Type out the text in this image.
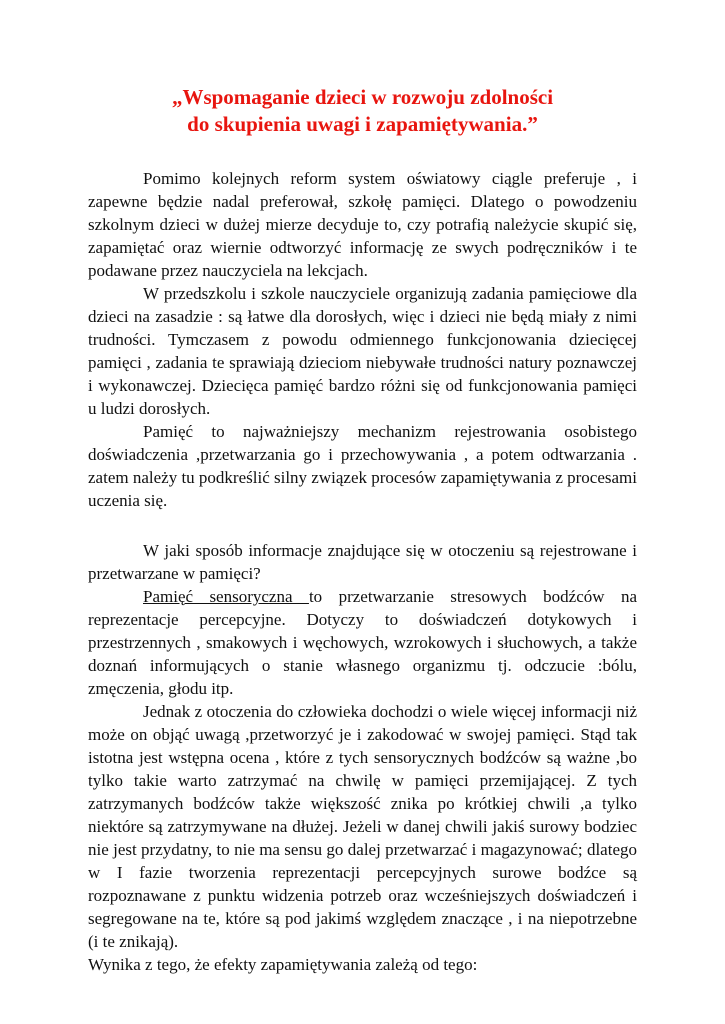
„Wspomaganie dzieci w rozwoju zdolności
do skupienia uwagi i zapamiętywania.”

Pomimo kolejnych reform system oświatowy ciągle preferuje , i zapewne będzie nadal preferował, szkołę pamięci. Dlatego o powodzeniu szkolnym dzieci w dużej mierze decyduje to, czy potrafią należycie skupić się, zapamiętać oraz wiernie odtworzyć informację ze swych podręczników i te podawane przez nauczyciela na lekcjach.

W przedszkolu i szkole nauczyciele organizują zadania pamięciowe dla dzieci na zasadzie : są łatwe dla dorosłych, więc i dzieci nie będą miały z nimi trudności. Tymczasem z powodu odmiennego funkcjonowania dziecięcej pamięci , zadania te sprawiają dzieciom niebywałe trudności natury poznawczej i wykonawczej. Dziecięca pamięć bardzo różni się od funkcjonowania pamięci u ludzi dorosłych.

Pamięć to najważniejszy mechanizm rejestrowania osobistego doświadczenia ,przetwarzania go i przechowywania , a potem odtwarzania . zatem należy tu podkreślić silny związek procesów zapamiętywania z procesami uczenia się.

W jaki sposób informacje znajdujące się w otoczeniu są rejestrowane i przetwarzane w pamięci?

Pamięć sensoryczna to przetwarzanie stresowych bodźców na reprezentacje percepcyjne. Dotyczy to doświadczeń dotykowych i przestrzennych , smakowych i węchowych, wzrokowych i słuchowych, a także doznań informujących o stanie własnego organizmu tj. odczucie :bólu, zmęczenia, głodu itp.

Jednak z otoczenia do człowieka dochodzi o wiele więcej informacji niż może on objąć uwagą ,przetworzyć je i zakodować w swojej pamięci. Stąd tak istotna jest wstępna ocena , które z tych sensorycznych bodźców są ważne ,bo tylko takie warto zatrzymać na chwilę w pamięci przemijającej. Z tych zatrzymanych bodźców także większość znika po krótkiej chwili ,a tylko niektóre są zatrzymywane na dłużej. Jeżeli w danej chwili jakiś surowy bodziec nie jest przydatny, to nie ma sensu go dalej przetwarzać i magazynować; dlatego w I fazie tworzenia reprezentacji percepcyjnych surowe bodźce są rozpoznawane z punktu widzenia potrzeb oraz wcześniejszych doświadczeń i segregowane na te, które są pod jakimś względem znaczące , i na niepotrzebne (i te znikają).

Wynika z tego, że efekty zapamiętywania zależą od tego:
